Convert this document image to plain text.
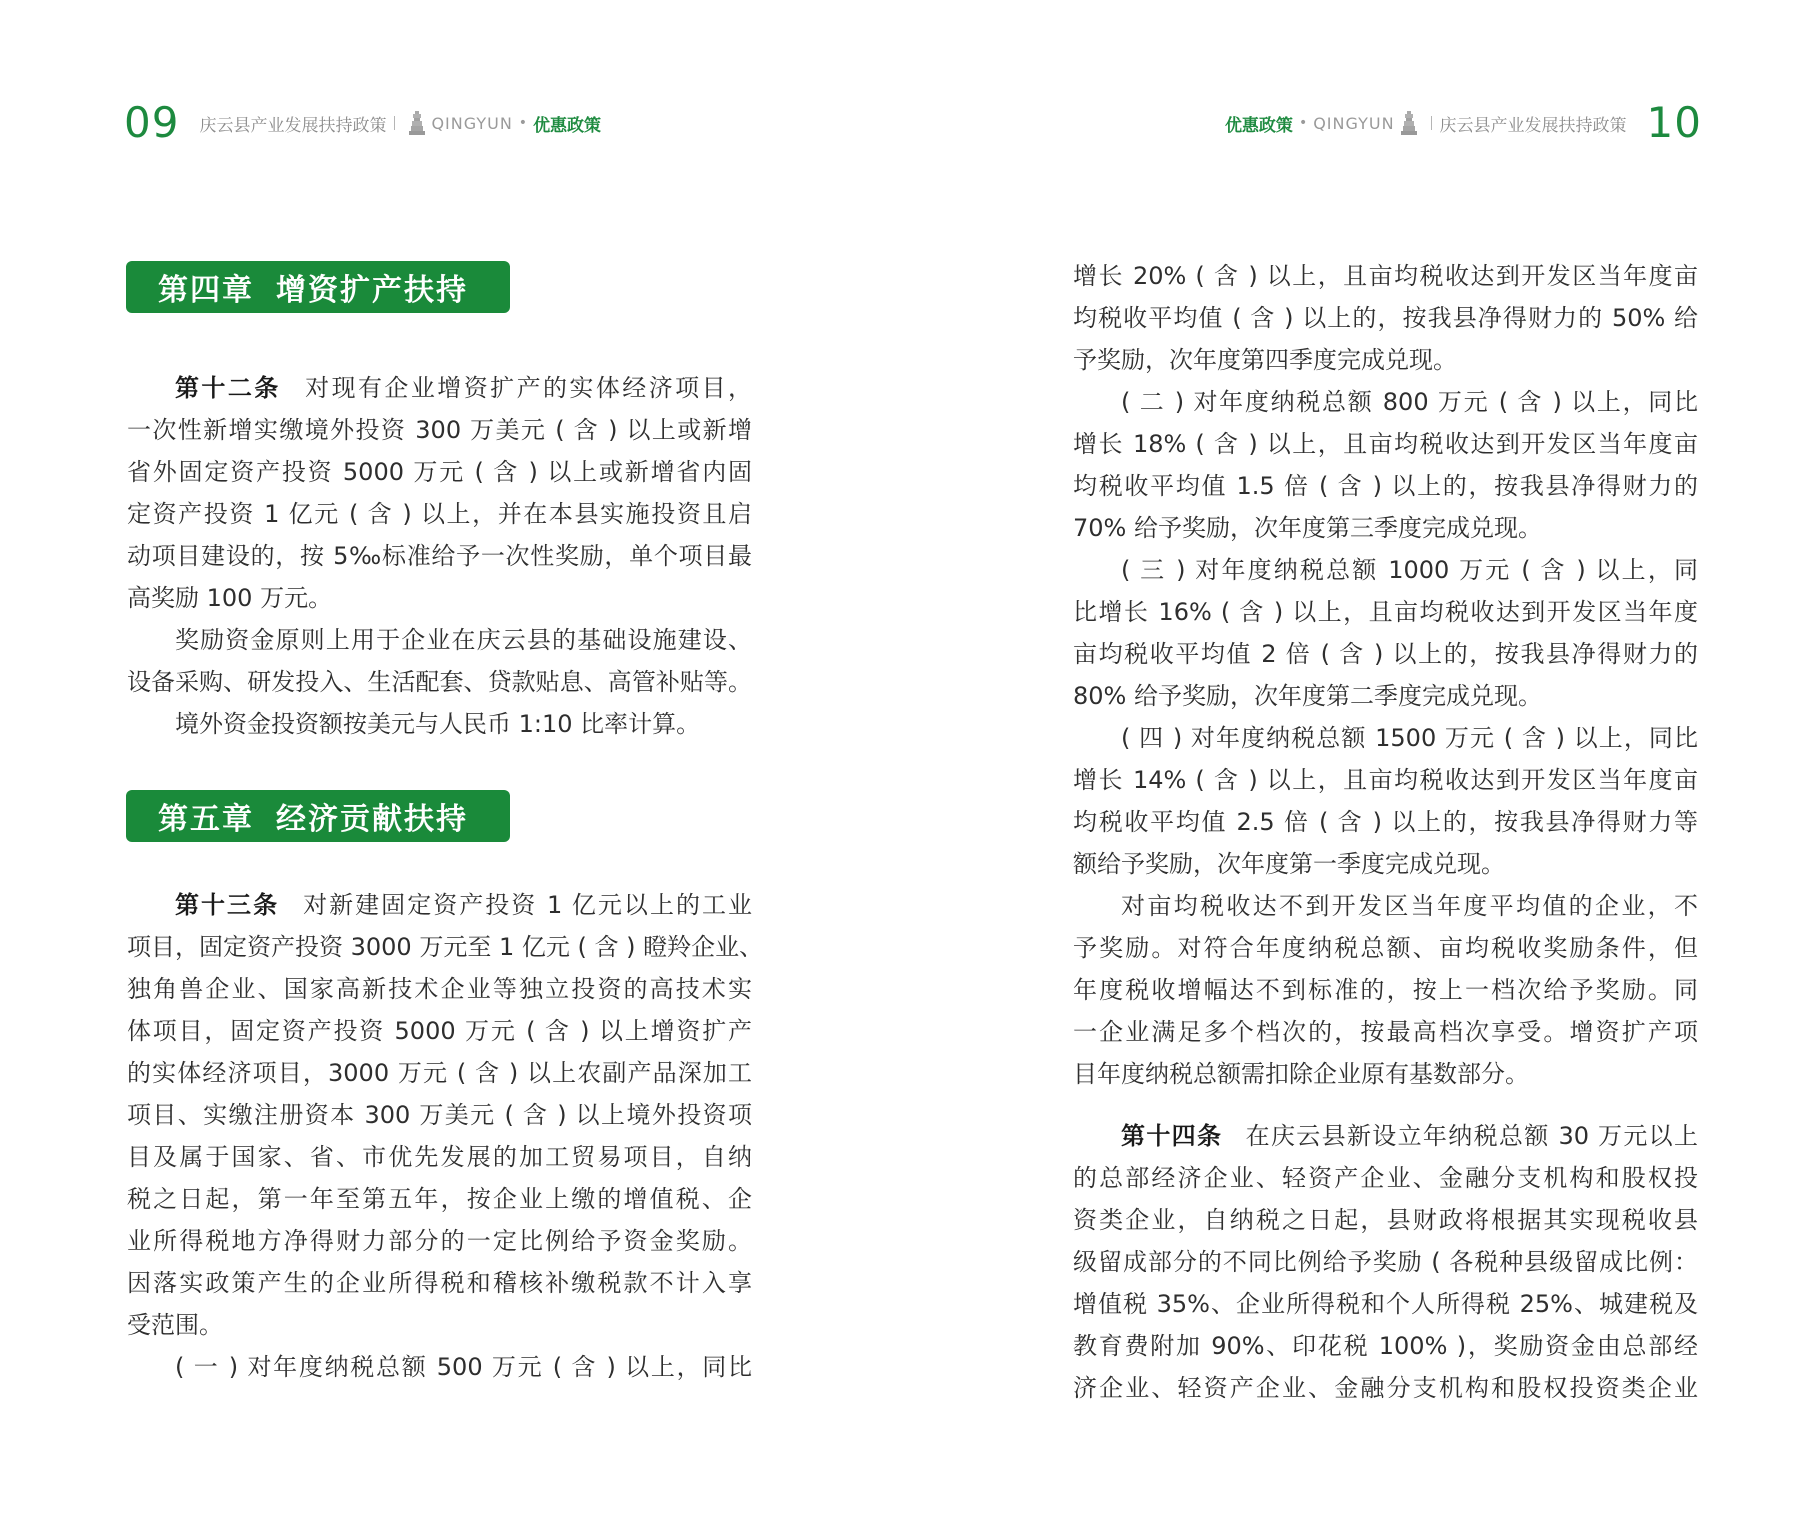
09 庆云县产业发展扶持政策	QINGYUN • 优惠政策
第四章 增资扩产扶持
第十二条 对现有企业增资扩产的实体经济项目，
一次性新增实缴境外投资 300 万美元 ( 含 ) 以上或新增
省外固定资产投资 5000 万元 ( 含 ) 以上或新增省内固
定资产投资 1 亿元 ( 含 ) 以上，并在本县实施投资且启
动项目建设的，按 5‰标准给予一次性奖励，单个项目最
高奖励 100 万元。
奖励资金原则上用于企业在庆云县的基础设施建设、
设备采购、研发投入、生活配套、贷款贴息、高管补贴等。
境外资金投资额按美元与人民币 1:10 比率计算。
第五章 经济贡献扶持
第十三条 对新建固定资产投资 1 亿元以上的工业
项目，固定资产投资 3000 万元至 1 亿元 ( 含 ) 瞪羚企业、
独角兽企业、国家高新技术企业等独立投资的高技术实
体项目，固定资产投资 5000 万元 ( 含 ) 以上增资扩产
的实体经济项目，3000 万元 ( 含 ) 以上农副产品深加工
项目、实缴注册资本 300 万美元 ( 含 ) 以上境外投资项
目及属于国家、省、市优先发展的加工贸易项目，自纳
税之日起，第一年至第五年，按企业上缴的增值税、企
业所得税地方净得财力部分的一定比例给予资金奖励。
因落实政策产生的企业所得税和稽核补缴税款不计入享
受范围。
( 一 ) 对年度纳税总额 500 万元 ( 含 ) 以上，同比
优惠政策 • QINGYUN	庆云县产业发展扶持政策 10
增长 20% ( 含 ) 以上，且亩均税收达到开发区当年度亩
均税收平均值 ( 含 ) 以上的，按我县净得财力的 50% 给
予奖励，次年度第四季度完成兑现。
( 二 ) 对年度纳税总额 800 万元 ( 含 ) 以上，同比
增长 18% ( 含 ) 以上，且亩均税收达到开发区当年度亩
均税收平均值 1.5 倍 ( 含 ) 以上的，按我县净得财力的
70% 给予奖励，次年度第三季度完成兑现。
( 三 ) 对年度纳税总额 1000 万元 ( 含 ) 以上，同
比增长 16% ( 含 ) 以上，且亩均税收达到开发区当年度
亩均税收平均值 2 倍 ( 含 ) 以上的，按我县净得财力的
80% 给予奖励，次年度第二季度完成兑现。
( 四 ) 对年度纳税总额 1500 万元 ( 含 ) 以上，同比
增长 14% ( 含 ) 以上，且亩均税收达到开发区当年度亩
均税收平均值 2.5 倍 ( 含 ) 以上的，按我县净得财力等
额给予奖励，次年度第一季度完成兑现。
对亩均税收达不到开发区当年度平均值的企业，不
予奖励。对符合年度纳税总额、亩均税收奖励条件，但
年度税收增幅达不到标准的，按上一档次给予奖励。同
一企业满足多个档次的，按最高档次享受。增资扩产项
目年度纳税总额需扣除企业原有基数部分。
第十四条 在庆云县新设立年纳税总额 30 万元以上
的总部经济企业、轻资产企业、金融分支机构和股权投
资类企业，自纳税之日起，县财政将根据其实现税收县
级留成部分的不同比例给予奖励 ( 各税种县级留成比例：
增值税 35%、企业所得税和个人所得税 25%、城建税及
教育费附加 90%、印花税 100% )，奖励资金由总部经
济企业、轻资产企业、金融分支机构和股权投资类企业
